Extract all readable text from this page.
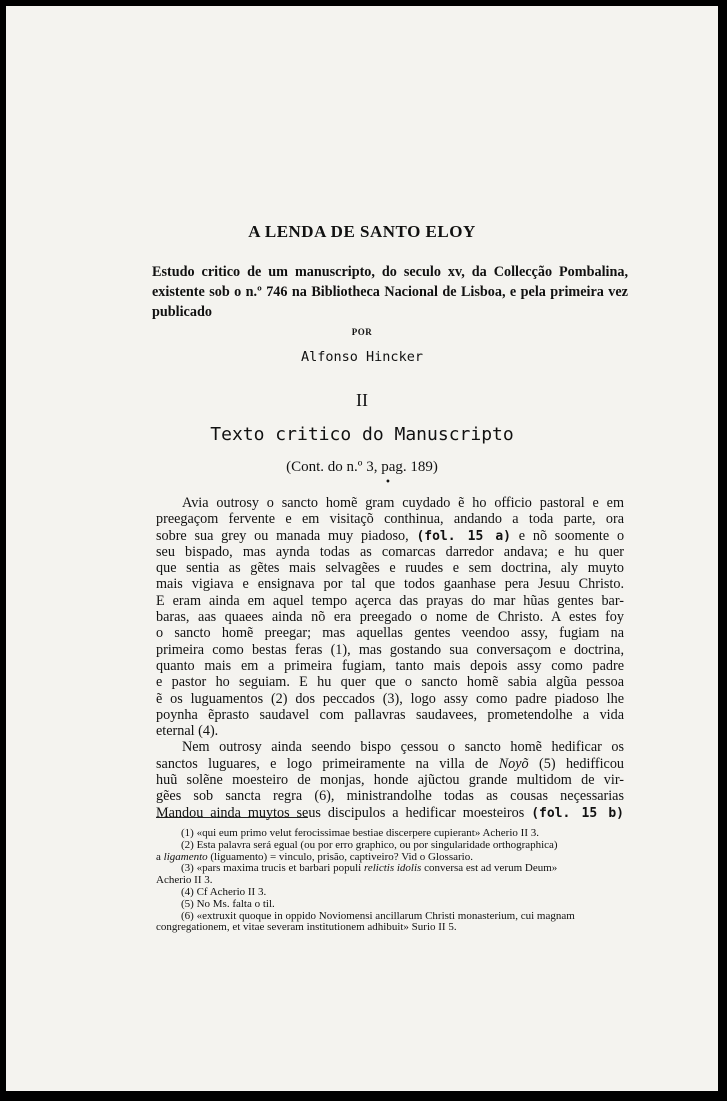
A LENDA DE SANTO ELOY
Estudo critico de um manuscripto, do seculo xv, da Collecção Pombalina, existente sob o n.º 746 na Bibliotheca Nacional de Lisboa, e pela primeira vez publicado
POR
Alfonso Hincker
II
Texto critico do Manuscripto
(Cont. do n.º 3, pag. 189)
•
Avia outrosy o sancto homẽ gram cuydado ẽ ho officio pastoral e em
preegaçom fervente e em visitaçõ conthinua, andando a toda parte, ora
sobre sua grey ou manada muy piadoso, (fol. 15 a) e nõ soomente o
seu bispado, mas aynda todas as comarcas darredor andava; e hu quer
que sentia as gẽtes mais selvagẽes e ruudes e sem doctrina, aly muyto
mais vigiava e ensignava por tal que todos gaanhase pera Jesuu Christo.
E eram ainda em aquel tempo açerca das prayas do mar hũas gentes bar-
baras, aas quaees ainda nõ era preegado o nome de Christo. A estes foy
o sancto homẽ preegar; mas aquellas gentes veendoo assy, fugiam na
primeira como bestas feras (1), mas gostando sua conversaçom e doctrina,
quanto mais em a primeira fugiam, tanto mais depois assy como padre
e pastor ho seguiam. E hu quer que o sancto homẽ sabia algũa pessoa
ẽ os luguamentos (2) dos peccados (3), logo assy como padre piadoso lhe
poynha ẽprasto saudavel com pallavras saudavees, prometendolhe a vida
eternal (4).
Nem outrosy ainda seendo bispo çessou o sancto homẽ hedificar os
sanctos luguares, e logo primeiramente na villa de Noyõ (5) hedifficou
huũ solẽne moesteiro de monjas, honde ajũctou grande multidom de vir-
gẽes sob sancta regra (6), ministrandolhe todas as cousas neçessarias
Mandou ainda muytos seus discipulos a hedificar moesteiros (fol. 15 b)
(1) «qui eum primo velut ferocissimae bestiae discerpere cupierant» Acherio II 3.
(2) Esta palavra será egual (ou por erro graphico, ou por singularidade orthographica)
a ligamento (liguamento) = vinculo, prisão, captiveiro? Vid o Glossario.
(3) «pars maxima trucis et barbari populi relictis idolis conversa est ad verum Deum»
Acherio II 3.
(4) Cf Acherio II 3.
(5) No Ms. falta o til.
(6) «extruxit quoque in oppido Noviomensi ancillarum Christi monasterium, cui magnam
congregationem, et vitae severam institutionem adhibuit» Surio II 5.
